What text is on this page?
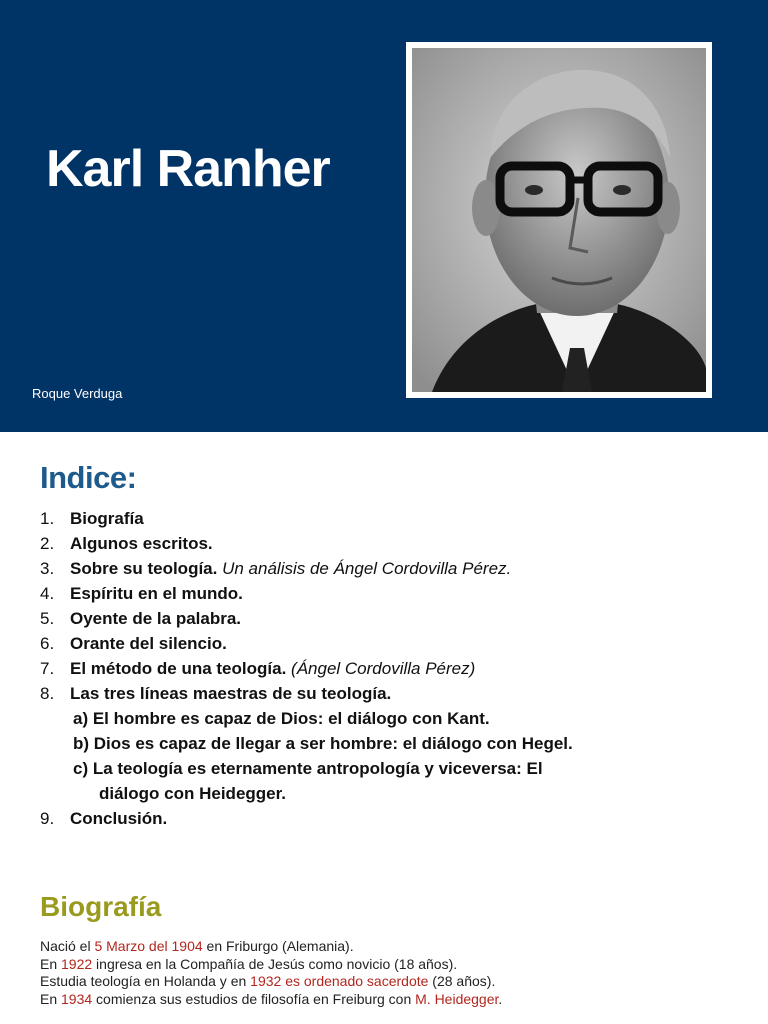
Karl Ranher
Roque Verduga
Indice:
1. Biografía
2. Algunos escritos.
3. Sobre su teología. Un análisis de Ángel Cordovilla Pérez.
4. Espíritu en el mundo.
5. Oyente de la palabra.
6. Orante del silencio.
7. El método de una teología. (Ángel Cordovilla Pérez)
8. Las tres líneas maestras de su teología.
a) El hombre es capaz de Dios: el diálogo con Kant.
b) Dios es capaz de llegar a ser hombre: el diálogo con Hegel.
c) La teología es eternamente antropología y viceversa: El
diálogo con Heidegger.
9. Conclusión.
Biografía

Nació el 5 Marzo del 1904 en Friburgo (Alemania).

En 1922 ingresa en la Compañía de Jesús como novicio (18 años).

Estudia teología en Holanda y en 1932 es ordenado sacerdote (28 años).

En 1934 comienza sus estudios de filosofía en Freiburg con M. Heidegger.
